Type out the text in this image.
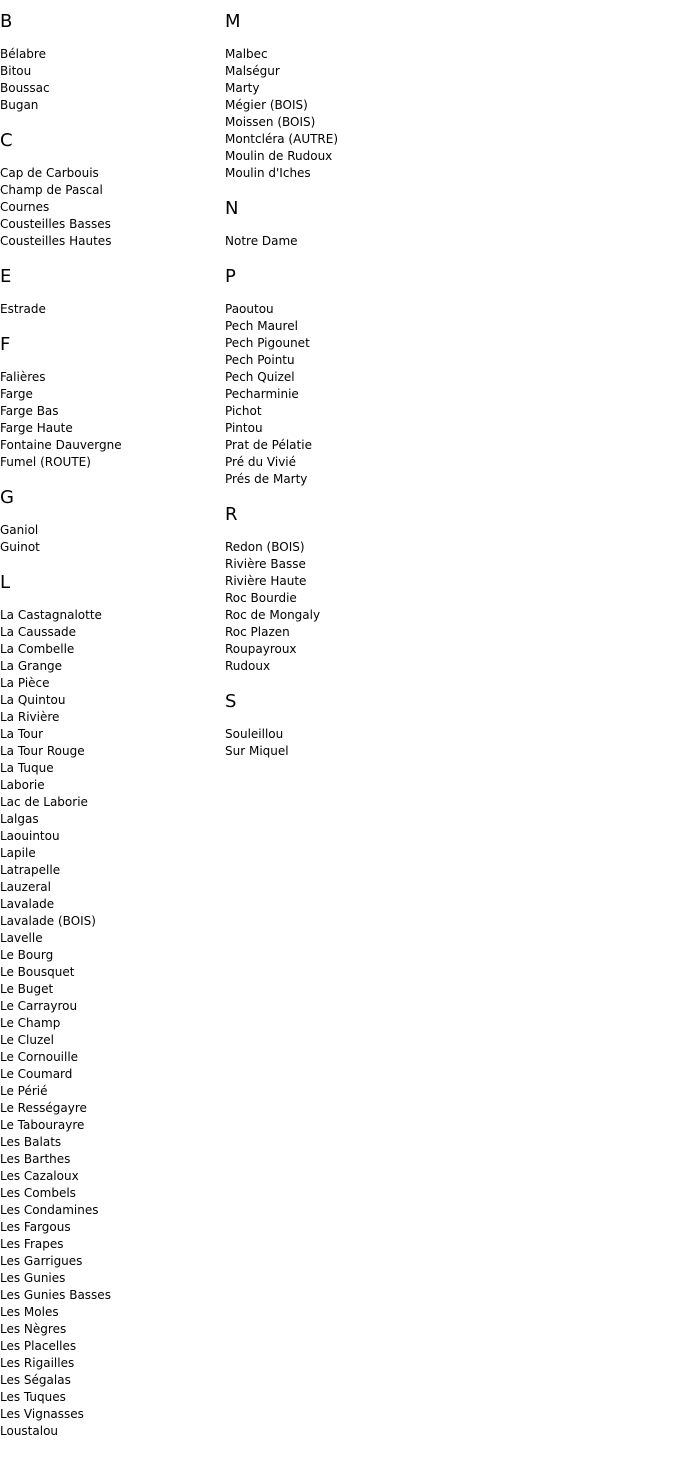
B
Bélabre
Bitou
Boussac
Bugan
C
Cap de Carbouis
Champ de Pascal
Cournes
Cousteilles Basses
Cousteilles Hautes
E
Estrade
F
Falières
Farge
Farge Bas
Farge Haute
Fontaine Dauvergne
Fumel (ROUTE)
G
Ganiol
Guinot
L
La Castagnalotte
La Caussade
La Combelle
La Grange
La Pièce
La Quintou
La Rivière
La Tour
La Tour Rouge
La Tuque
Laborie
Lac de Laborie
Lalgas
Laouintou
Lapile
Latrapelle
Lauzeral
Lavalade
Lavalade (BOIS)
Lavelle
Le Bourg
Le Bousquet
Le Buget
Le Carrayrou
Le Champ
Le Cluzel
Le Cornouille
Le Coumard
Le Périé
Le Rességayre
Le Tabourayre
Les Balats
Les Barthes
Les Cazaloux
Les Combels
Les Condamines
Les Fargous
Les Frapes
Les Garrigues
Les Gunies
Les Gunies Basses
Les Moles
Les Nègres
Les Placelles
Les Rigailles
Les Ségalas
Les Tuques
Les Vignasses
Loustalou
M
Malbec
Malségur
Marty
Mégier (BOIS)
Moissen (BOIS)
Montcléra (AUTRE)
Moulin de Rudoux
Moulin d'Iches
N
Notre Dame
P
Paoutou
Pech Maurel
Pech Pigounet
Pech Pointu
Pech Quizel
Pecharminie
Pichot
Pintou
Prat de Pélatie
Pré du Vivié
Prés de Marty
R
Redon (BOIS)
Rivière Basse
Rivière Haute
Roc Bourdie
Roc de Mongaly
Roc Plazen
Roupayroux
Rudoux
S
Souleillou
Sur Miquel
